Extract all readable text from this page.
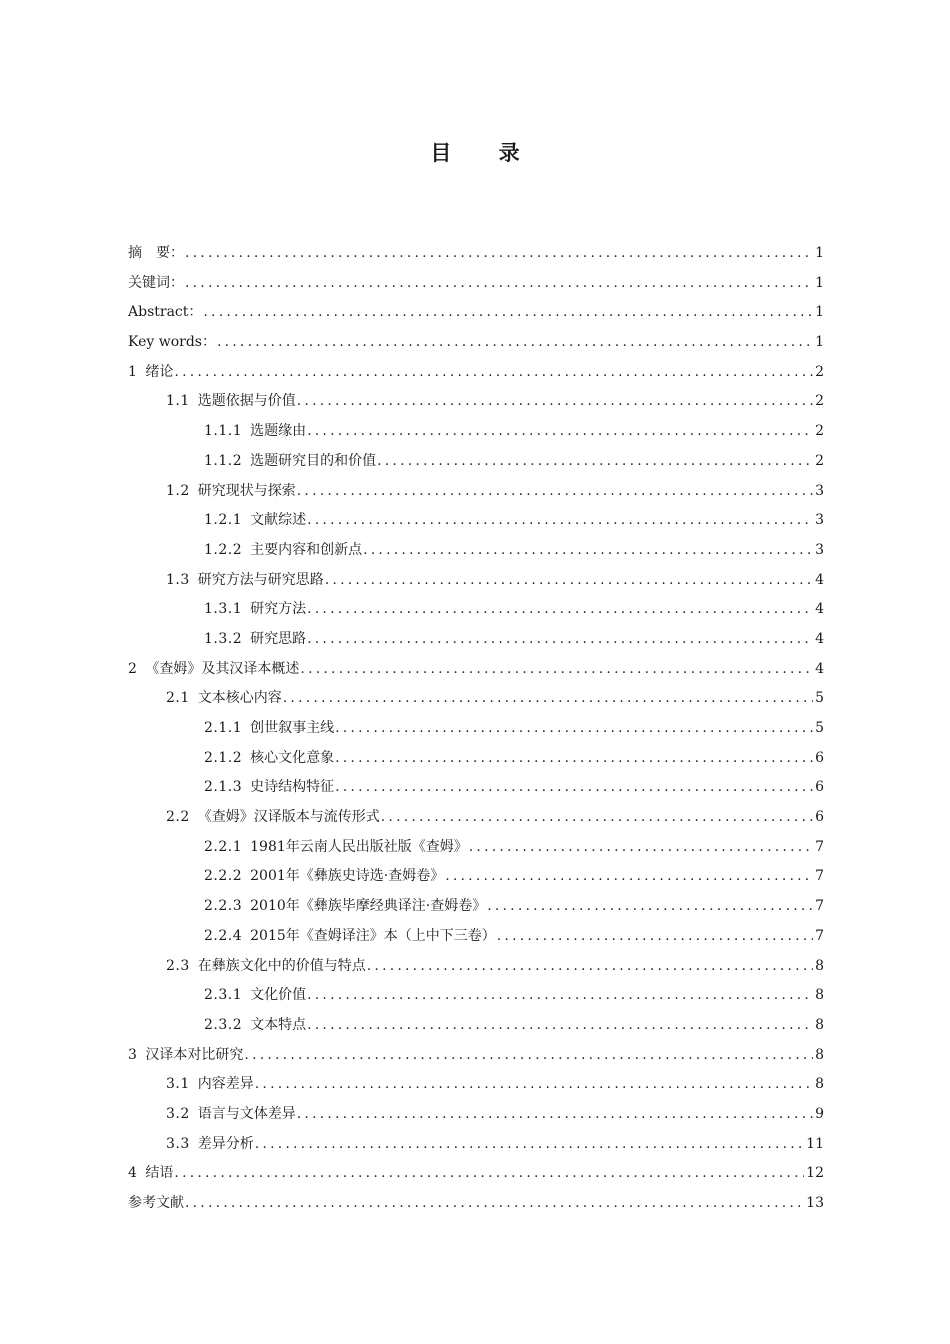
目 录
摘　要： .....	1
关键词： .....	1
Abstract： .....	1
Key words： .....	1
1 绪论 .....	2
1.1 选题依据与价值 .....	2
1.1.1 选题缘由 .....	2
1.1.2 选题研究目的和价值 .....	2
1.2 研究现状与探索 .....	3
1.2.1 文献综述 .....	3
1.2.2 主要内容和创新点 .....	3
1.3 研究方法与研究思路 .....	4
1.3.1 研究方法 .....	4
1.3.2 研究思路 .....	4
2 《查姆》及其汉译本概述 .....	4
2.1 文本核心内容 .....	5
2.1.1 创世叙事主线 .....	5
2.1.2 核心文化意象 .....	6
2.1.3 史诗结构特征 .....	6
2.2 《查姆》汉译版本与流传形式 .....	6
2.2.1 1981年云南人民出版社版《查姆》 .....	7
2.2.2 2001年《彝族史诗选·查姆卷》 .....	7
2.2.3 2010年《彝族毕摩经典译注·查姆卷》 .....	7
2.2.4 2015年《查姆译注》本（上中下三卷） .....	7
2.3 在彝族文化中的价值与特点 .....	8
2.3.1 文化价值 .....	8
2.3.2 文本特点 .....	8
3 汉译本对比研究 .....	8
3.1 内容差异 .....	8
3.2 语言与文体差异 .....	9
3.3 差异分析 .....	11
4 结语 .....	12
参考文献 .....	13
